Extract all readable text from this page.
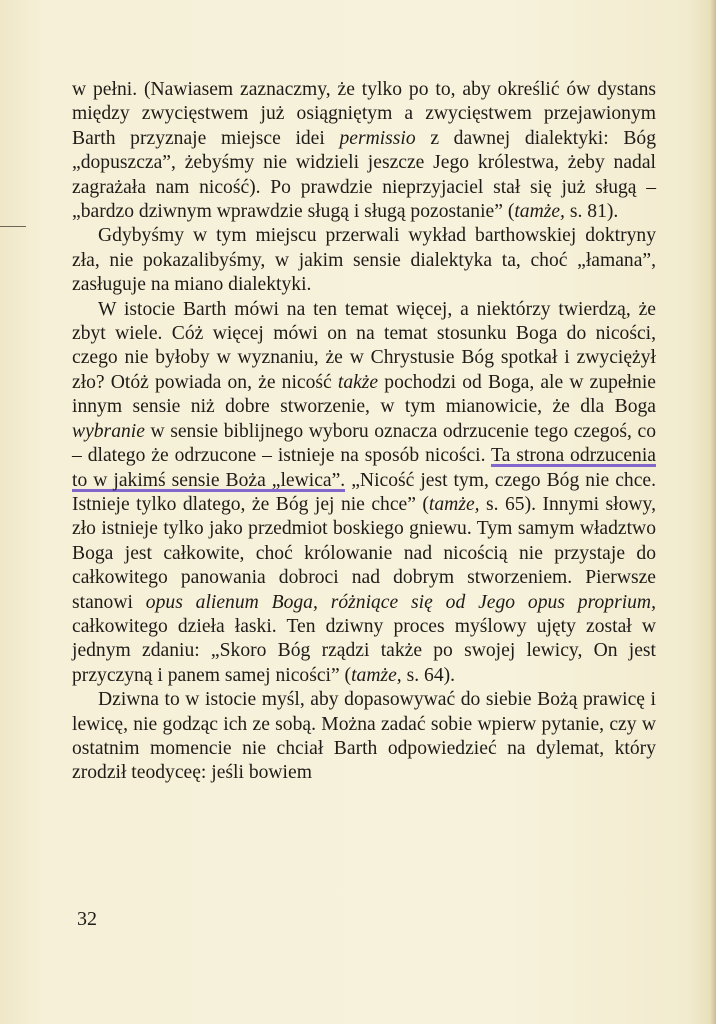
w pełni. (Nawiasem zaznaczmy, że tylko po to, aby określić ów dystans między zwycięstwem już osiągniętym a zwycięstwem przejawionym Barth przyznaje miejsce idei permissio z dawnej dialektyki: Bóg „dopuszcza”, żebyśmy nie widzieli jeszcze Jego królestwa, żeby nadal zagrażała nam nicość). Po prawdzie nieprzyjaciel stał się już sługą – „bardzo dziwnym wprawdzie sługą i sługą pozostanie” (tamże, s. 81).

Gdybyśmy w tym miejscu przerwali wykład barthowskiej doktryny zła, nie pokazalibyśmy, w jakim sensie dialektyka ta, choć „łamana”, zasługuje na miano dialektyki.

W istocie Barth mówi na ten temat więcej, a niektórzy twierdzą, że zbyt wiele. Cóż więcej mówi on na temat stosunku Boga do nicości, czego nie byłoby w wyznaniu, że w Chrystusie Bóg spotkał i zwyciężył zło? Otóż powiada on, że nicość także pochodzi od Boga, ale w zupełnie innym sensie niż dobre stworzenie, w tym mianowicie, że dla Boga wybranie w sensie biblijnego wyboru oznacza odrzucenie tego czegoś, co – dlatego że odrzucone – istnieje na sposób nicości. Ta strona odrzucenia to w jakimś sensie Boża „lewica”. „Nicość jest tym, czego Bóg nie chce. Istnieje tylko dlatego, że Bóg jej nie chce” (tamże, s. 65). Innymi słowy, zło istnieje tylko jako przedmiot boskiego gniewu. Tym samym władztwo Boga jest całkowite, choć królowanie nad nicością nie przystaje do całkowitego panowania dobroci nad dobrym stworzeniem. Pierwsze stanowi opus alienum Boga, różniące się od Jego opus proprium, całkowitego dzieła łaski. Ten dziwny proces myślowy ujęty został w jednym zdaniu: „Skoro Bóg rządzi także po swojej lewicy, On jest przyczyną i panem samej nicości” (tamże, s. 64).

Dziwna to w istocie myśl, aby dopasowywać do siebie Bożą prawicę i lewicę, nie godząc ich ze sobą. Można zadać sobie wpierw pytanie, czy w ostatnim momencie nie chciał Barth odpowiedzieć na dylemat, który zrodził teodyceę: jeśli bowiem

32
